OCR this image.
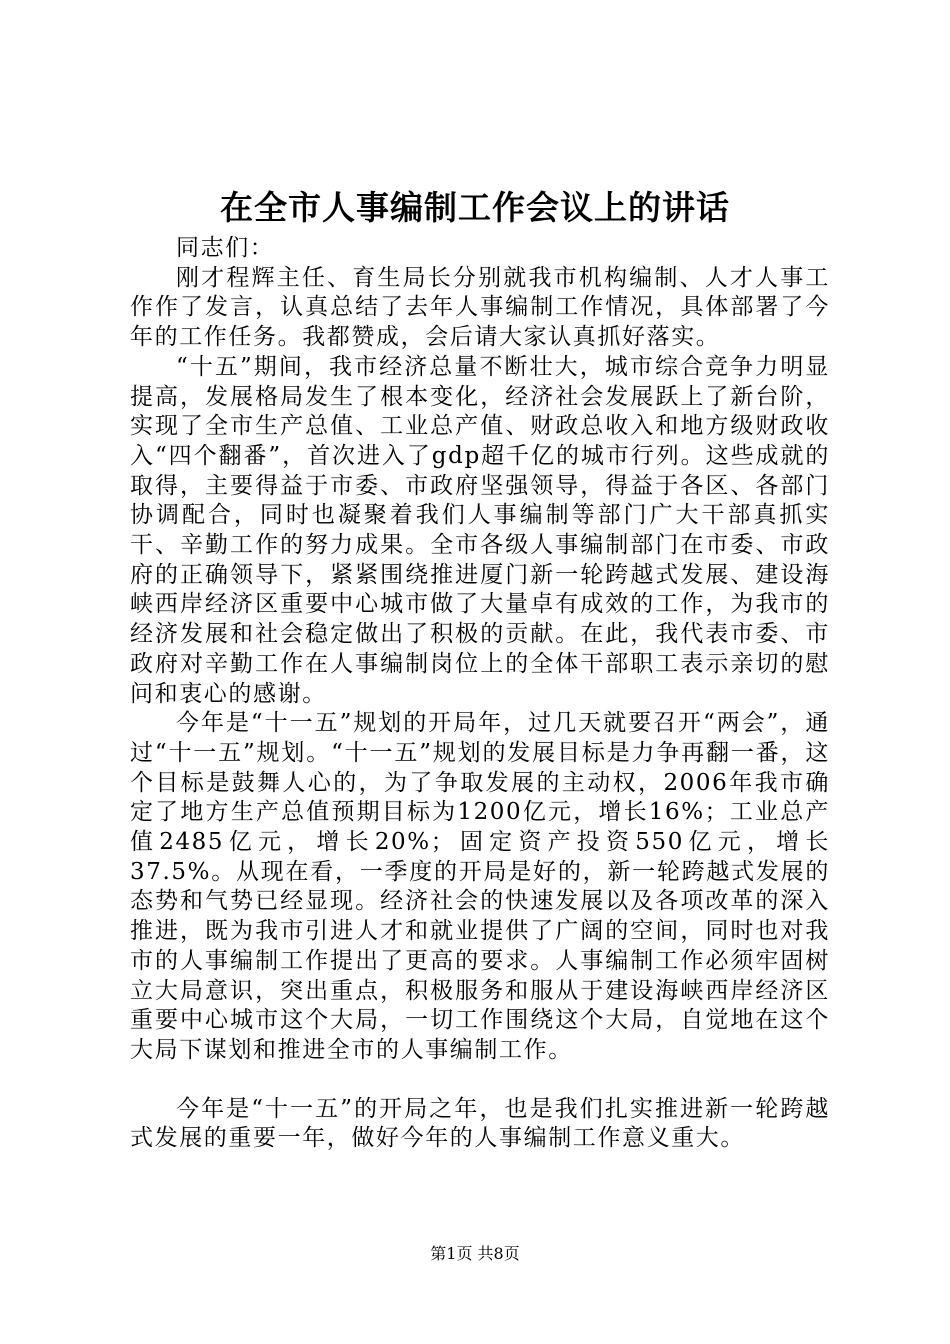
在全市人事编制工作会议上的讲话

同志们：

刚才程辉主任、育生局长分别就我市机构编制、人才人事工作作了发言，认真总结了去年人事编制工作情况，具体部署了今年的工作任务。我都赞成，会后请大家认真抓好落实。

“十五”期间，我市经济总量不断壮大，城市综合竞争力明显提高，发展格局发生了根本变化，经济社会发展跃上了新台阶，实现了全市生产总值、工业总产值、财政总收入和地方级财政收入“四个翻番”，首次进入了gdp超千亿的城市行列。这些成就的取得，主要得益于市委、市政府坚强领导，得益于各区、各部门协调配合，同时也凝聚着我们人事编制等部门广大干部真抓实干、辛勤工作的努力成果。全市各级人事编制部门在市委、市政府的正确领导下，紧紧围绕推进厦门新一轮跨越式发展、建设海峡西岸经济区重要中心城市做了大量卓有成效的工作，为我市的经济发展和社会稳定做出了积极的贡献。在此，我代表市委、市政府对辛勤工作在人事编制岗位上的全体干部职工表示亲切的慰问和衷心的感谢。

今年是“十一五”规划的开局年，过几天就要召开“两会”，通过“十一五”规划。“十一五”规划的发展目标是力争再翻一番，这个目标是鼓舞人心的，为了争取发展的主动权，2006年我市确定了地方生产总值预期目标为1200亿元，增长16%；工业总产值2485亿元，增长20%；固定资产投资550亿元，增长37.5%。从现在看，一季度的开局是好的，新一轮跨越式发展的态势和气势已经显现。经济社会的快速发展以及各项改革的深入推进，既为我市引进人才和就业提供了广阔的空间，同时也对我市的人事编制工作提出了更高的要求。人事编制工作必须牢固树立大局意识，突出重点，积极服务和服从于建设海峡西岸经济区重要中心城市这个大局，一切工作围绕这个大局，自觉地在这个大局下谋划和推进全市的人事编制工作。

今年是“十一五”的开局之年，也是我们扎实推进新一轮跨越式发展的重要一年，做好今年的人事编制工作意义重大。

第1页 共8页
